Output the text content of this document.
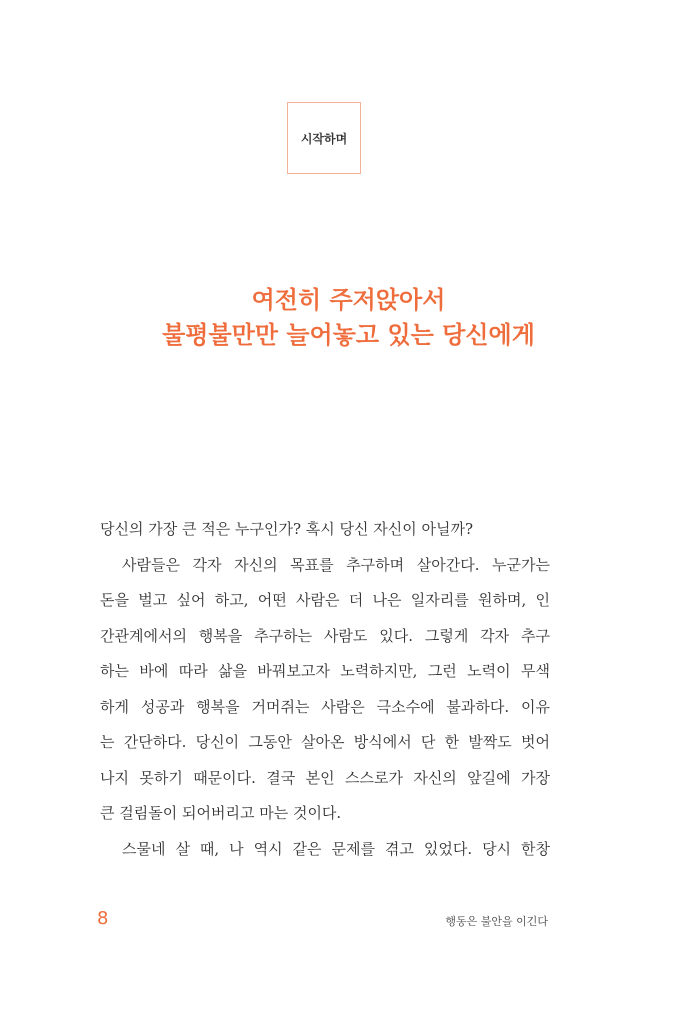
시작하며
여전히 주저앉아서
불평불만만 늘어놓고 있는 당신에게

당신의 가장 큰 적은 누구인가? 혹시 당신 자신이 아닐까?

사람들은 각자 자신의 목표를 추구하며 살아간다. 누군가는

돈을 벌고 싶어 하고, 어떤 사람은 더 나은 일자리를 원하며, 인

간관계에서의 행복을 추구하는 사람도 있다. 그렇게 각자 추구

하는 바에 따라 삶을 바꿔보고자 노력하지만, 그런 노력이 무색

하게 성공과 행복을 거머쥐는 사람은 극소수에 불과하다. 이유

는 간단하다. 당신이 그동안 살아온 방식에서 단 한 발짝도 벗어

나지 못하기 때문이다. 결국 본인 스스로가 자신의 앞길에 가장

큰 걸림돌이 되어버리고 마는 것이다.

스물네 살 때, 나 역시 같은 문제를 겪고 있었다. 당시 한창

8	행동은 불안을 이긴다
